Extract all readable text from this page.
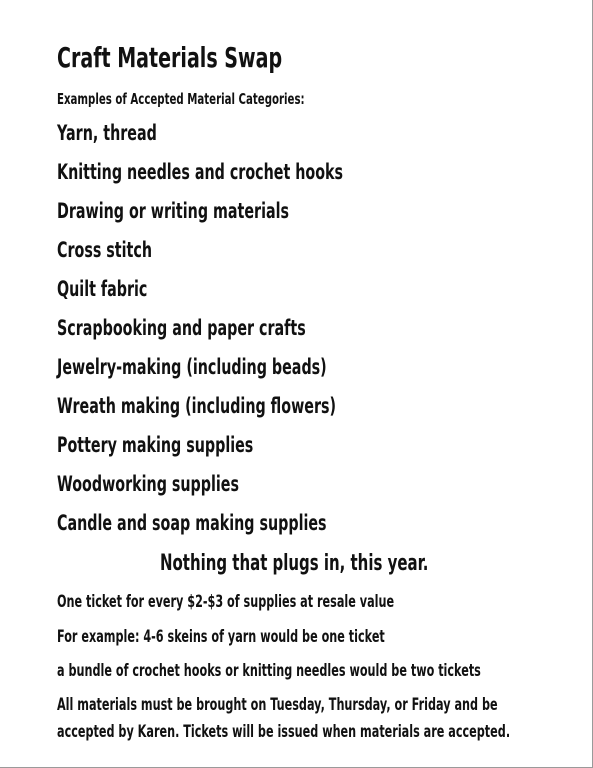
Craft Materials Swap
Examples of Accepted Material Categories:
Yarn, thread
Knitting needles and crochet hooks
Drawing or writing materials
Cross stitch
Quilt fabric
Scrapbooking and paper crafts
Jewelry-making (including beads)
Wreath making (including flowers)
Pottery making supplies
Woodworking supplies
Candle and soap making supplies
Nothing that plugs in, this year.
One ticket for every $2-$3 of supplies at resale value
For example: 4-6 skeins of yarn would be one ticket
a bundle of crochet hooks or knitting needles would be two tickets
All materials must be brought on Tuesday, Thursday, or Friday and be
accepted by Karen. Tickets will be issued when materials are accepted.
